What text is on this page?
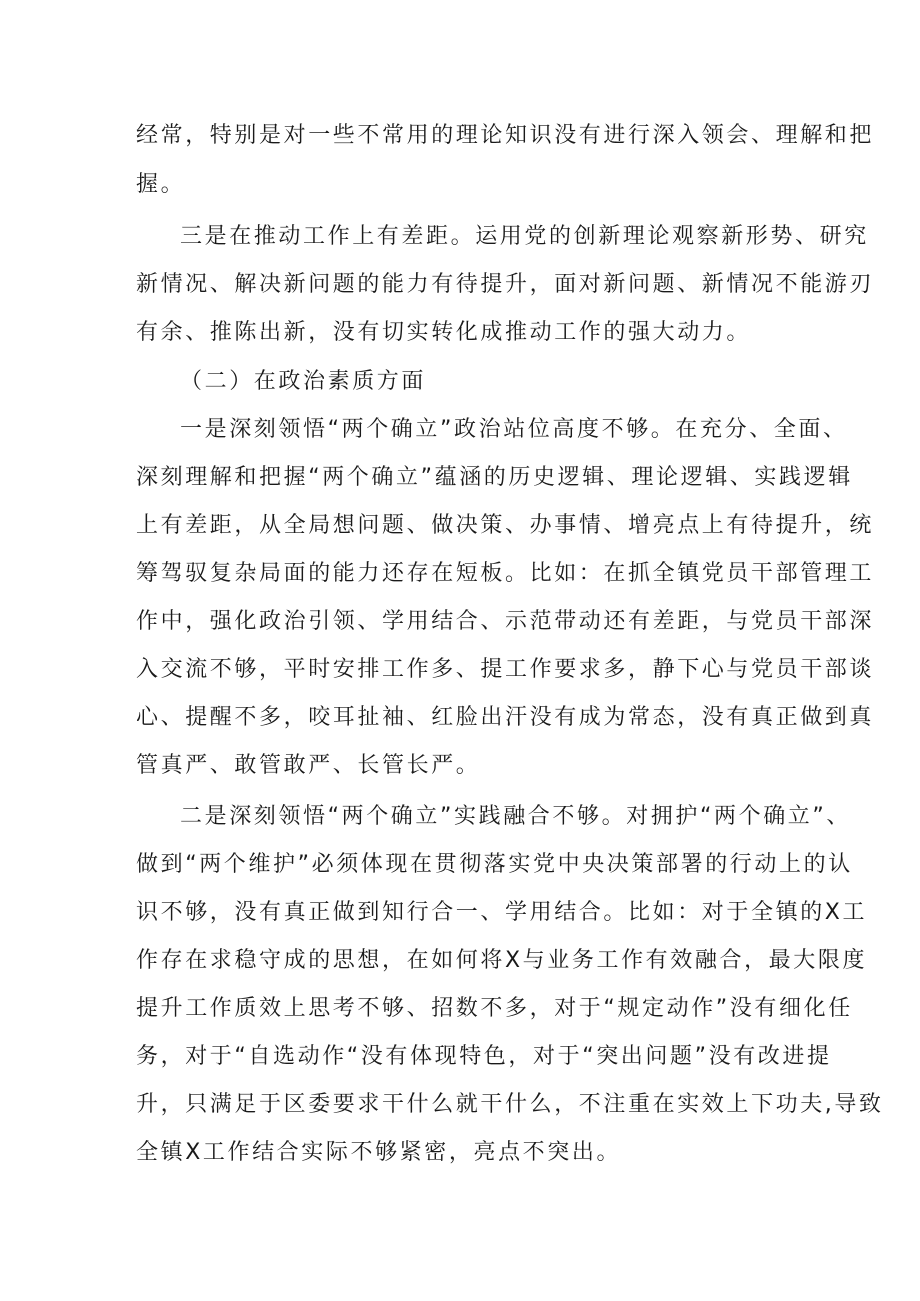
经常，特别是对一些不常用的理论知识没有进行深入领会、理解和把

握。

三是在推动工作上有差距。运用党的创新理论观察新形势、研究

新情况、解决新问题的能力有待提升，面对新问题、新情况不能游刃

有余、推陈出新，没有切实转化成推动工作的强大动力。

（二）在政治素质方面

一是深刻领悟“两个确立”政治站位高度不够。在充分、全面、

深刻理解和把握“两个确立”蕴涵的历史逻辑、理论逻辑、实践逻辑

上有差距，从全局想问题、做决策、办事情、增亮点上有待提升，统

筹驾驭复杂局面的能力还存在短板。比如：在抓全镇党员干部管理工

作中，强化政治引领、学用结合、示范带动还有差距，与党员干部深

入交流不够，平时安排工作多、提工作要求多，静下心与党员干部谈

心、提醒不多，咬耳扯袖、红脸出汗没有成为常态，没有真正做到真

管真严、敢管敢严、长管长严。

二是深刻领悟“两个确立”实践融合不够。对拥护“两个确立”、

做到“两个维护”必须体现在贯彻落实党中央决策部署的行动上的认

识不够，没有真正做到知行合一、学用结合。比如：对于全镇的X工

作存在求稳守成的思想，在如何将X与业务工作有效融合，最大限度

提升工作质效上思考不够、招数不多，对于“规定动作”没有细化任

务，对于“自选动作“没有体现特色，对于“突出问题”没有改进提

升，只满足于区委要求干什么就干什么，不注重在实效上下功夫,导致

全镇X工作结合实际不够紧密，亮点不突出。
